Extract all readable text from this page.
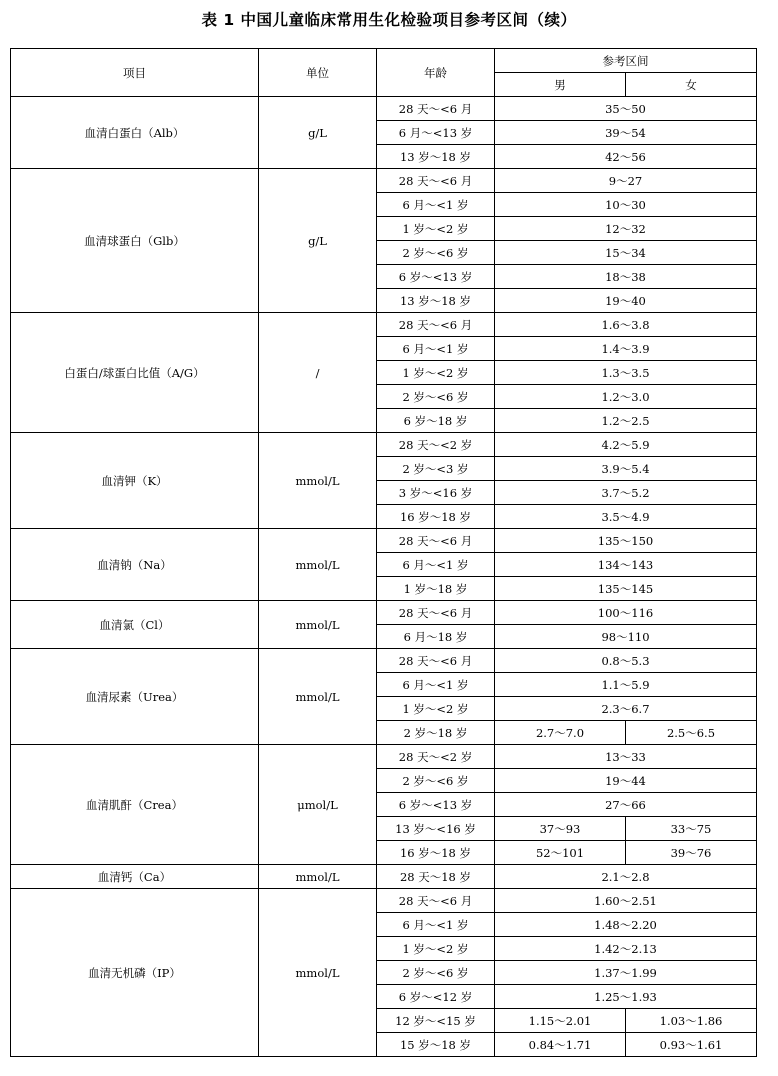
表 1 中国儿童临床常用生化检验项目参考区间（续）
项目	单位	年龄	参考区间	
			男	女
血清白蛋白（Alb）	g/L	28 天～<6 月	35～50	
		6 月～<13 岁	39～54	
		13 岁～18 岁	42～56	
血清球蛋白（Glb）	g/L	28 天～<6 月	9～27	
		6 月～<1 岁	10～30	
		1 岁～<2 岁	12～32	
		2 岁～<6 岁	15～34	
		6 岁～<13 岁	18～38	
		13 岁～18 岁	19～40	
白蛋白/球蛋白比值（A/G）	/	28 天～<6 月	1.6～3.8	
		6 月～<1 岁	1.4～3.9	
		1 岁～<2 岁	1.3～3.5	
		2 岁～<6 岁	1.2～3.0	
		6 岁～18 岁	1.2～2.5	
血清钾（K）	mmol/L	28 天～<2 岁	4.2～5.9	
		2 岁～<3 岁	3.9～5.4	
		3 岁～<16 岁	3.7～5.2	
		16 岁～18 岁	3.5～4.9	
血清钠（Na）	mmol/L	28 天～<6 月	135～150	
		6 月～<1 岁	134～143	
		1 岁～18 岁	135～145	
血清氯（Cl）	mmol/L	28 天～<6 月	100～116	
		6 月～18 岁	98～110	
血清尿素（Urea）	mmol/L	28 天～<6 月	0.8～5.3	
		6 月～<1 岁	1.1～5.9	
		1 岁～<2 岁	2.3～6.7	
		2 岁～18 岁	2.7～7.0	2.5～6.5
血清肌酐（Crea）	μmol/L	28 天～<2 岁	13～33	
		2 岁～<6 岁	19～44	
		6 岁～<13 岁	27～66	
		13 岁～<16 岁	37～93	33～75
		16 岁～18 岁	52～101	39～76
血清钙（Ca）	mmol/L	28 天～18 岁	2.1～2.8	
血清无机磷（IP）	mmol/L	28 天～<6 月	1.60～2.51	
		6 月～<1 岁	1.48～2.20	
		1 岁～<2 岁	1.42～2.13	
		2 岁～<6 岁	1.37～1.99	
		6 岁～<12 岁	1.25～1.93	
		12 岁～<15 岁	1.15～2.01	1.03～1.86
		15 岁～18 岁	0.84～1.71	0.93～1.61
